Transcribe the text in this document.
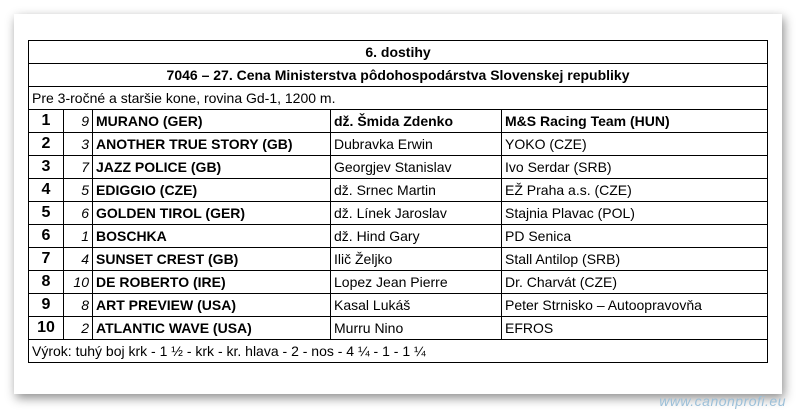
6. dostihy				
7046 – 27. Cena Ministerstva pôdohospodárstva Slovenskej republiky				
Pre 3-ročné a staršie kone, rovina Gd-1, 1200 m.				
1	9	MURANO (GER)	dž. Šmida Zdenko	M&S Racing Team (HUN)
2	3	ANOTHER TRUE STORY (GB)	Dubravka Erwin	YOKO (CZE)
3	7	JAZZ POLICE (GB)	Georgjev Stanislav	Ivo Serdar (SRB)
4	5	EDIGGIO (CZE)	dž. Srnec Martin	EŽ Praha a.s. (CZE)
5	6	GOLDEN TIROL (GER)	dž. Línek Jaroslav	Stajnia Plavac (POL)
6	1	BOSCHKA	dž. Hind Gary	PD Senica
7	4	SUNSET CREST (GB)	Ilič Željko	Stall Antilop (SRB)
8	10	DE ROBERTO (IRE)	Lopez Jean Pierre	Dr. Charvát (CZE)
9	8	ART PREVIEW (USA)	Kasal Lukáš	Peter Strnisko – Autoopravovňa
10	2	ATLANTIC WAVE (USA)	Murru Nino	EFROS
Výrok: tuhý boj krk - 1 ½ - krk - kr. hlava - 2 - nos - 4 ¼ - 1 - 1 ¼				
www.canonprofi.eu
